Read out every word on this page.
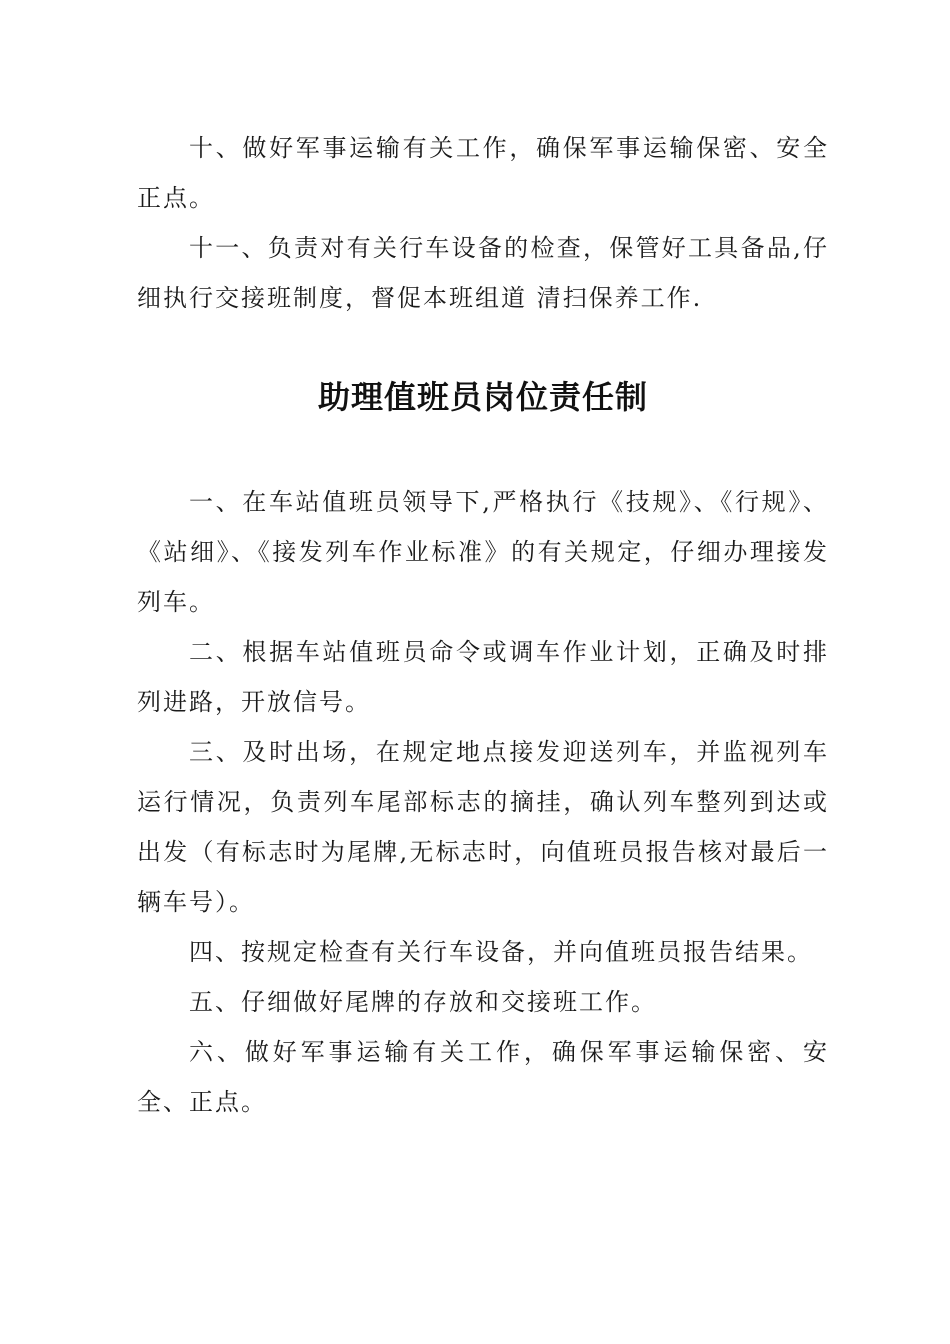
十、做好军事运输有关工作，确保军事运输保密、安全正点。

十一、负责对有关行车设备的检查，保管好工具备品,仔细执行交接班制度，督促本班组道 清扫保养工作.

助理值班员岗位责任制

一、在车站值班员领导下,严格执行《技规》、《行规》、《站细》、《接发列车作业标准》的有关规定，仔细办理接发列车。

二、根据车站值班员命令或调车作业计划，正确及时排列进路，开放信号。

三、及时出场，在规定地点接发迎送列车，并监视列车运行情况，负责列车尾部标志的摘挂，确认列车整列到达或出发（有标志时为尾牌,无标志时，向值班员报告核对最后一辆车号）。

四、按规定检查有关行车设备，并向值班员报告结果。

五、仔细做好尾牌的存放和交接班工作。

六、做好军事运输有关工作，确保军事运输保密、安全、正点。
